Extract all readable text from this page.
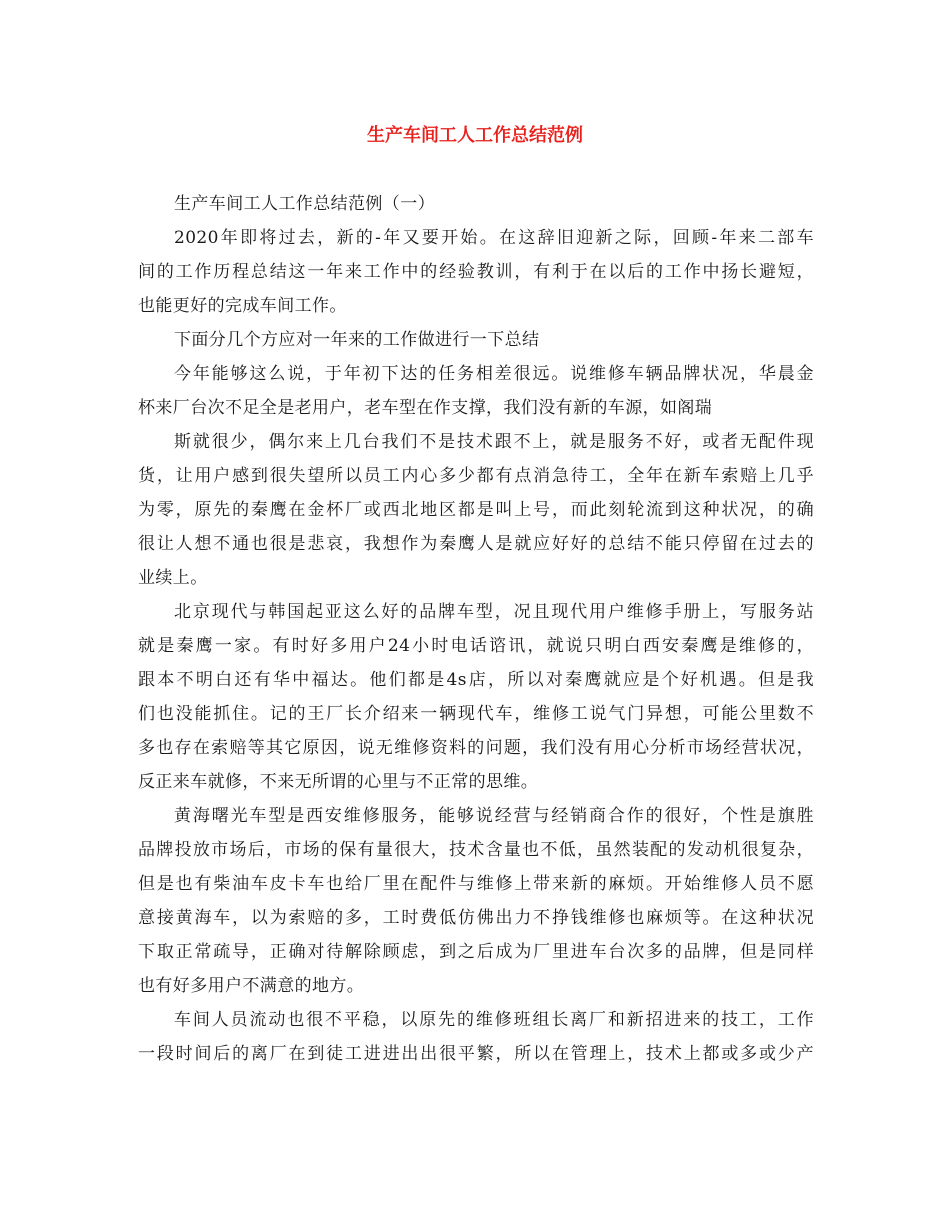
生产车间工人工作总结范例
生产车间工人工作总结范例（一）
2020年即将过去，新的-年又要开始。在这辞旧迎新之际，回顾-年来二部车
间的工作历程总结这一年来工作中的经验教训，有利于在以后的工作中扬长避短，
也能更好的完成车间工作。
下面分几个方应对一年来的工作做进行一下总结
今年能够这么说，于年初下达的任务相差很远。说维修车辆品牌状况，华晨金
杯来厂台次不足全是老用户，老车型在作支撑，我们没有新的车源，如阁瑞
斯就很少，偶尔来上几台我们不是技术跟不上，就是服务不好，或者无配件现
货，让用户感到很失望所以员工内心多少都有点消急待工，全年在新车索赔上几乎
为零，原先的秦鹰在金杯厂或西北地区都是叫上号，而此刻轮流到这种状况，的确
很让人想不通也很是悲哀，我想作为秦鹰人是就应好好的总结不能只停留在过去的
业续上。
北京现代与韩国起亚这么好的品牌车型，况且现代用户维修手册上，写服务站
就是秦鹰一家。有时好多用户24小时电话谘讯，就说只明白西安秦鹰是维修的，
跟本不明白还有华中福达。他们都是4s店，所以对秦鹰就应是个好机遇。但是我
们也没能抓住。记的王厂长介绍来一辆现代车，维修工说气门异想，可能公里数不
多也存在索赔等其它原因，说无维修资料的问题，我们没有用心分析市场经营状况，
反正来车就修，不来无所谓的心里与不正常的思维。
黄海曙光车型是西安维修服务，能够说经营与经销商合作的很好，个性是旗胜
品牌投放市场后，市场的保有量很大，技术含量也不低，虽然装配的发动机很复杂，
但是也有柴油车皮卡车也给厂里在配件与维修上带来新的麻烦。开始维修人员不愿
意接黄海车，以为索赔的多，工时费低仿佛出力不挣钱维修也麻烦等。在这种状况
下取正常疏导，正确对待解除顾虑，到之后成为厂里进车台次多的品牌，但是同样
也有好多用户不满意的地方。
车间人员流动也很不平稳，以原先的维修班组长离厂和新招进来的技工，工作
一段时间后的离厂在到徒工进进出出很平繁，所以在管理上，技术上都或多或少产
